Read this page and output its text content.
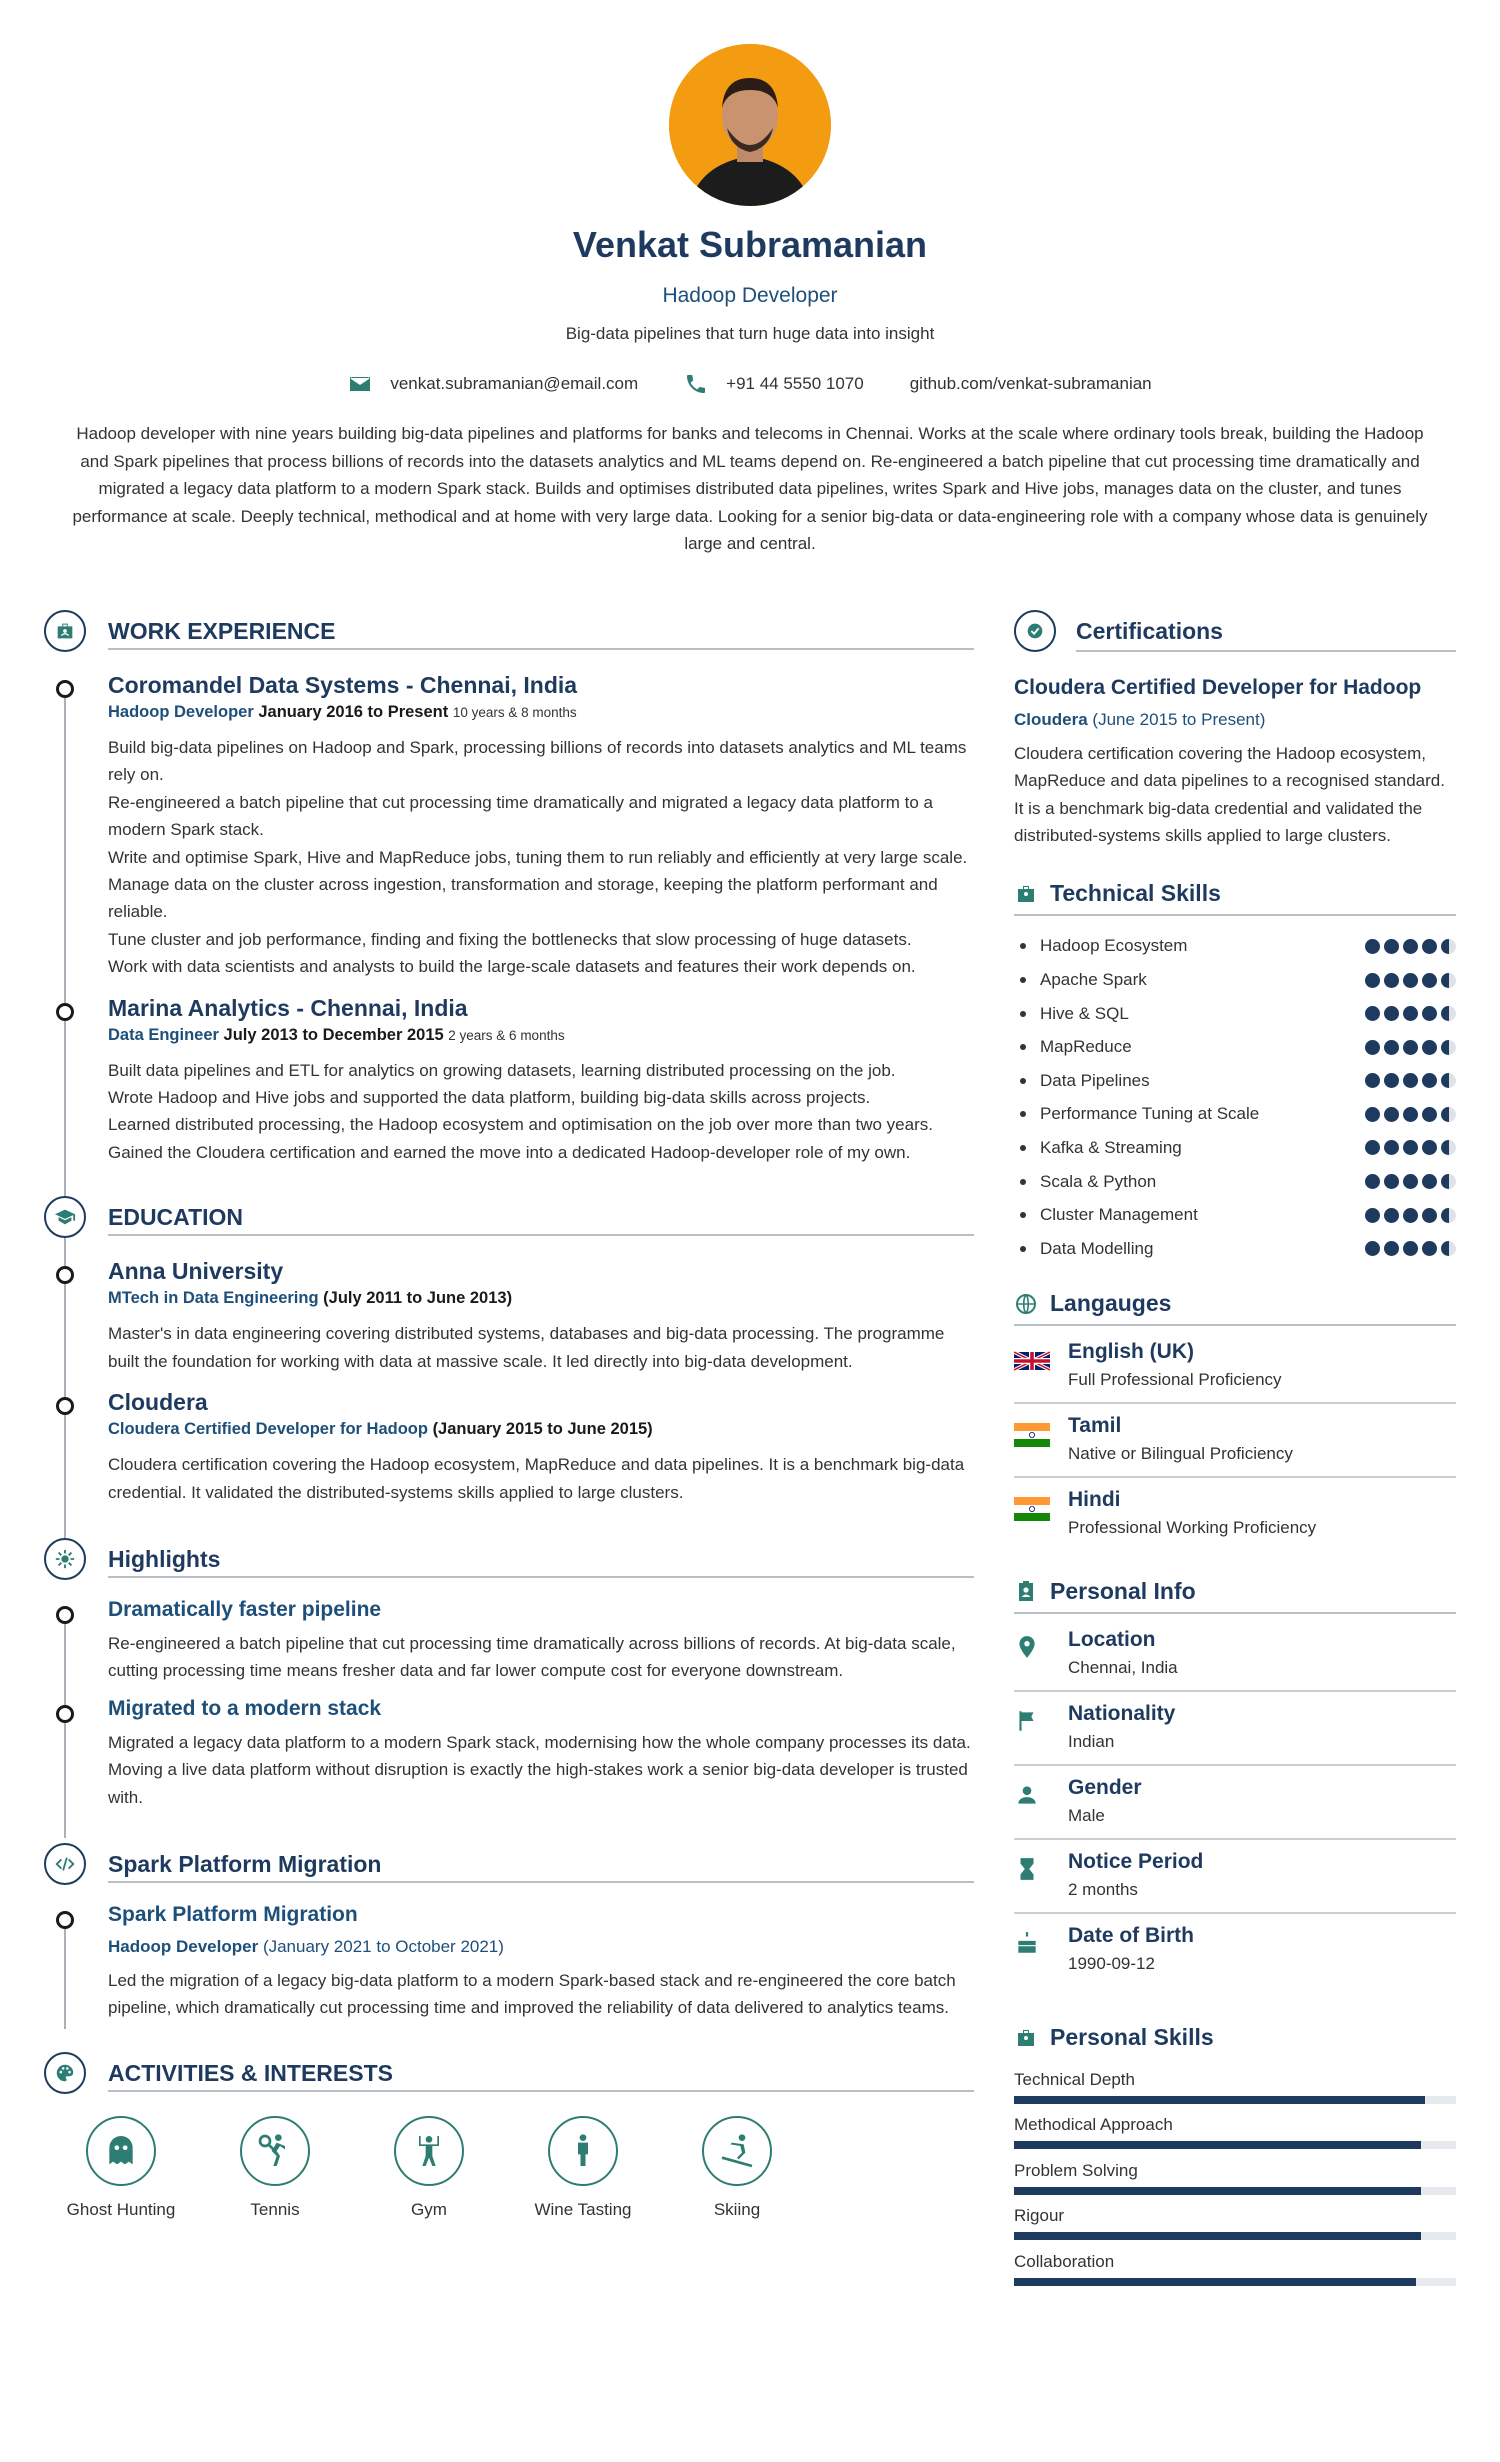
Venkat Subramanian
Hadoop Developer
Big-data pipelines that turn huge data into insight
venkat.subramanian@email.com	+91 44 5550 1070	github.com/venkat-subramanian
Hadoop developer with nine years building big-data pipelines and platforms for banks and telecoms in Chennai. Works at the scale where ordinary tools break, building the Hadoop and Spark pipelines that process billions of records into the datasets analytics and ML teams depend on. Re-engineered a batch pipeline that cut processing time dramatically and migrated a legacy data platform to a modern Spark stack. Builds and optimises distributed data pipelines, writes Spark and Hive jobs, manages data on the cluster, and tunes performance at scale. Deeply technical, methodical and at home with very large data. Looking for a senior big-data or data-engineering role with a company whose data is genuinely large and central.
WORK EXPERIENCE
Coromandel Data Systems - Chennai, India
Hadoop Developer January 2016 to Present 10 years & 8 months
Build big-data pipelines on Hadoop and Spark, processing billions of records into datasets analytics and ML teams rely on.
Re-engineered a batch pipeline that cut processing time dramatically and migrated a legacy data platform to a modern Spark stack.
Write and optimise Spark, Hive and MapReduce jobs, tuning them to run reliably and efficiently at very large scale.
Manage data on the cluster across ingestion, transformation and storage, keeping the platform performant and reliable.
Tune cluster and job performance, finding and fixing the bottlenecks that slow processing of huge datasets.
Work with data scientists and analysts to build the large-scale datasets and features their work depends on.
Marina Analytics - Chennai, India
Data Engineer July 2013 to December 2015 2 years & 6 months
Built data pipelines and ETL for analytics on growing datasets, learning distributed processing on the job.
Wrote Hadoop and Hive jobs and supported the data platform, building big-data skills across projects.
Learned distributed processing, the Hadoop ecosystem and optimisation on the job over more than two years.
Gained the Cloudera certification and earned the move into a dedicated Hadoop-developer role of my own.
EDUCATION
Anna University
MTech in Data Engineering (July 2011 to June 2013)
Master's in data engineering covering distributed systems, databases and big-data processing. The programme built the foundation for working with data at massive scale. It led directly into big-data development.
Cloudera
Cloudera Certified Developer for Hadoop (January 2015 to June 2015)
Cloudera certification covering the Hadoop ecosystem, MapReduce and data pipelines. It is a benchmark big-data credential. It validated the distributed-systems skills applied to large clusters.
Highlights
Dramatically faster pipeline
Re-engineered a batch pipeline that cut processing time dramatically across billions of records. At big-data scale, cutting processing time means fresher data and far lower compute cost for everyone downstream.
Migrated to a modern stack
Migrated a legacy data platform to a modern Spark stack, modernising how the whole company processes its data. Moving a live data platform without disruption is exactly the high-stakes work a senior big-data developer is trusted with.
Spark Platform Migration
Spark Platform Migration
Hadoop Developer (January 2021 to October 2021)
Led the migration of a legacy big-data platform to a modern Spark-based stack and re-engineered the core batch pipeline, which dramatically cut processing time and improved the reliability of data delivered to analytics teams.
ACTIVITIES & INTERESTS
Ghost Hunting	Tennis	Gym	Wine Tasting	Skiing
Certifications
Cloudera Certified Developer for Hadoop
Cloudera (June 2015 to Present)
Cloudera certification covering the Hadoop ecosystem, MapReduce and data pipelines to a recognised standard. It is a benchmark big-data credential and validated the distributed-systems skills applied to large clusters.
Technical Skills
Hadoop Ecosystem
Apache Spark
Hive & SQL
MapReduce
Data Pipelines
Performance Tuning at Scale
Kafka & Streaming
Scala & Python
Cluster Management
Data Modelling
Langauges
English (UK)
Full Professional Proficiency
Tamil
Native or Bilingual Proficiency
Hindi
Professional Working Proficiency
Personal Info
Location
Chennai, India
Nationality
Indian
Gender
Male
Notice Period
2 months
Date of Birth
1990-09-12
Personal Skills
Technical Depth
Methodical Approach
Problem Solving
Rigour
Collaboration
